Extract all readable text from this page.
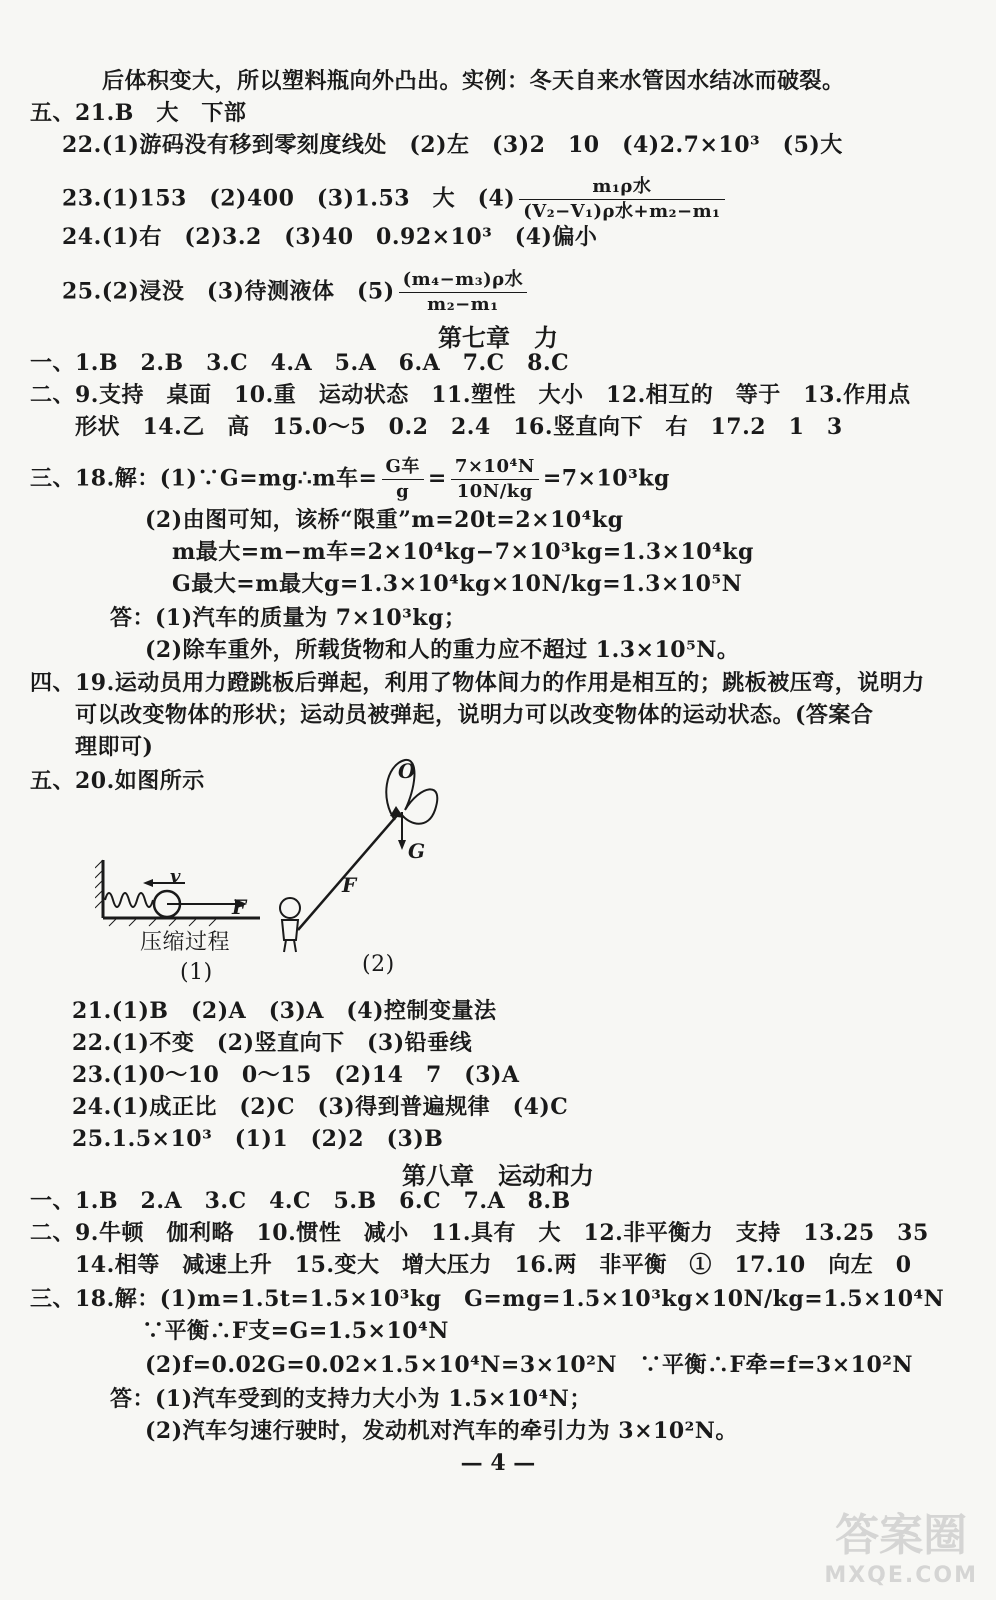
后体积变大，所以塑料瓶向外凸出。实例：冬天自来水管因水结冰而破裂。
五、21.B　大　下部
22.(1)游码没有移到零刻度线处　(2)左　(3)2　10　(4)2.7×10³　(5)大
23.(1)153　(2)400　(3)1.53　大　$(4) \frac{\text{m₁ρ水}}{\text{(V₂−V₁)ρ水+m₂−m₁}}$
24.(1)右　(2)3.2　(3)40　0.92×10³　(4)偏小
25.(2)浸没　(3)待测液体　$(5) \frac{\text{(m₄−m₃)ρ水}}{\text{m₂−m₁}}$
第七章　力
一、1.B　2.B　3.C　4.A　5.A　6.A　7.C　8.C
二、9.支持　桌面　10.重　运动状态　11.塑性　大小　12.相互的　等于　13.作用点
　　形状　14.乙　高　15.0～5　0.2　2.4　16.竖直向下　右　17.2　1　3
三、18.解：(1)∵G=mg∴m车= $\frac{\text{G车}}{g} = \frac{\text{7×10⁴N}}{10N/kg} =7\times 10^3kg$
(2)由图可知，该桥“限重”m=20t=2×10⁴kg
m最大=m−m车=2×10⁴kg−7×10³kg=1.3×10⁴kg
G最大=m最大g=1.3×10⁴kg×10N/kg=1.3×10⁵N
答：(1)汽车的质量为 7×10³kg；
(2)除车重外，所载货物和人的重力应不超过 1.3×10⁵N。
四、19.运动员用力蹬跳板后弹起，利用了物体间力的作用是相互的；跳板被压弯，说明力
　　可以改变物体的形状；运动员被弹起，说明力可以改变物体的运动状态。(答案合
　　理即可)
五、20.如图所示
v
F
压缩过程
(1)
O
G
F
(2)
21.(1)B　(2)A　(3)A　(4)控制变量法
22.(1)不变　(2)竖直向下　(3)铅垂线
23.(1)0～10　0～15　(2)14　7　(3)A
24.(1)成正比　(2)C　(3)得到普遍规律　(4)C
25.1.5×10³　(1)1　(2)2　(3)B
第八章　运动和力
一、1.B　2.A　3.C　4.C　5.B　6.C　7.A　8.B
二、9.牛顿　伽利略　10.惯性　减小　11.具有　大　12.非平衡力　支持　13.25　35
　　14.相等　减速上升　15.变大　增大压力　16.两　非平衡　①　17.10　向左　0
三、18.解：(1)m=1.5t=1.5×10³kg　G=mg=1.5×10³kg×10N/kg=1.5×10⁴N
∵平衡∴F支=G=1.5×10⁴N
(2)f=0.02G=0.02×1.5×10⁴N=3×10²N　∵平衡∴F牵=f=3×10²N
答：(1)汽车受到的支持力大小为 1.5×10⁴N；
(2)汽车匀速行驶时，发动机对汽车的牵引力为 3×10²N。
— 4 —
答案圈
MXQE.COM
